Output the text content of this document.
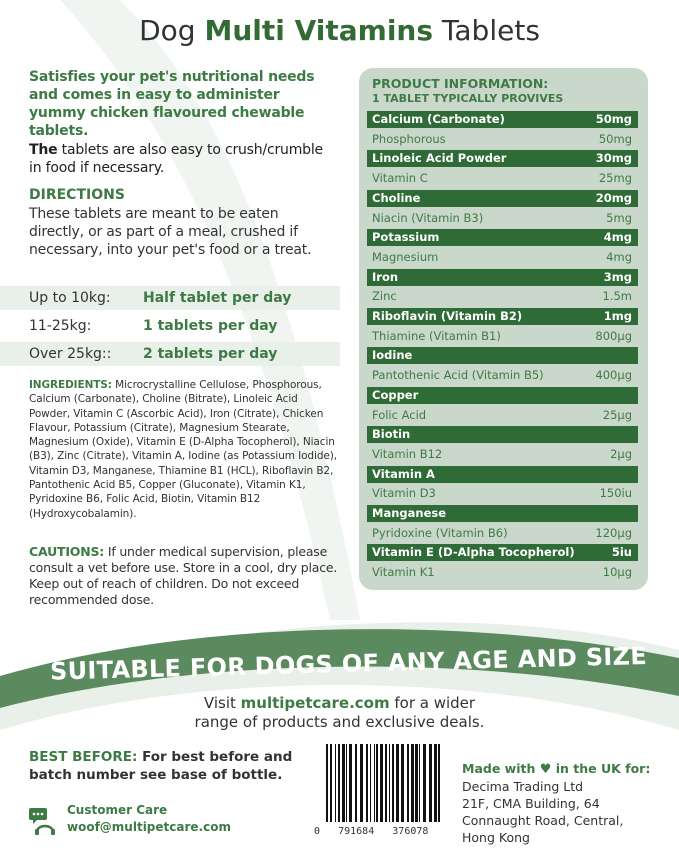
Dog Multi Vitamins Tablets
Satisfies your pet's nutritional needs and comes in easy to administer yummy chicken flavoured chewable tablets.
The tablets are also easy to crush/crumble in food if necessary.
DIRECTIONS
These tablets are meant to be eaten directly, or as part of a meal, crushed if necessary, into your pet's food or a treat.
Up to 10kg: Half tablet per day
11-25kg:	1 tablets per day
Over 25kg:: 2 tablets per day
INGREDIENTS: Microcrystalline Cellulose, Phosphorous, Calcium (Carbonate), Choline (Bitrate), Linoleic Acid Powder, Vitamin C (Ascorbic Acid), Iron (Citrate), Chicken Flavour, Potassium (Citrate), Magnesium Stearate, Magnesium (Oxide), Vitamin E (D-Alpha Tocopherol), Niacin (B3), Zinc (Citrate), Vitamin A, Iodine (as Potassium Iodide), Vitamin D3, Manganese, Thiamine B1 (HCL), Riboflavin B2, Pantothenic Acid B5, Copper (Gluconate), Vitamin K1, Pyridoxine B6, Folic Acid, Biotin, Vitamin B12 (Hydroxycobalamin).
CAUTIONS: If under medical supervision, please consult a vet before use. Store in a cool, dry place. Keep out of reach of children. Do not exceed recommended dose.
PRODUCT INFORMATION:
1 TABLET TYPICALLY PROVIVES
Calcium (Carbonate)	50mg
Phosphorous	50mg
Linoleic Acid Powder	30mg
Vitamin C	25mg
Choline	20mg
Niacin (Vitamin B3)	5mg
Potassium	4mg
Magnesium	4mg
Iron	3mg
Zinc	1.5m
Riboflavin (Vitamin B2)	1mg
Thiamine (Vitamin B1)	800µg
Iodine
Pantothenic Acid (Vitamin B5)	400µg
Copper
Folic Acid	25µg
Biotin
Vitamin B12	2µg
Vitamin A
Vitamin D3	150iu
Manganese
Pyridoxine (Vitamin B6)	120µg
Vitamin E (D-Alpha Tocopherol)	5iu
Vitamin K1	10µg
SUITABLE FOR DOGS OF ANY AGE AND SIZE
Visit multipetcare.com for a wider
range of products and exclusive deals.
BEST BEFORE: For best before and batch number see base of bottle.
Customer Care
woof@multipetcare.com	0 791684 376078
Made with ♥ in the UK for:
Decima Trading Ltd
21F, CMA Building, 64
Connaught Road, Central,
Hong Kong
